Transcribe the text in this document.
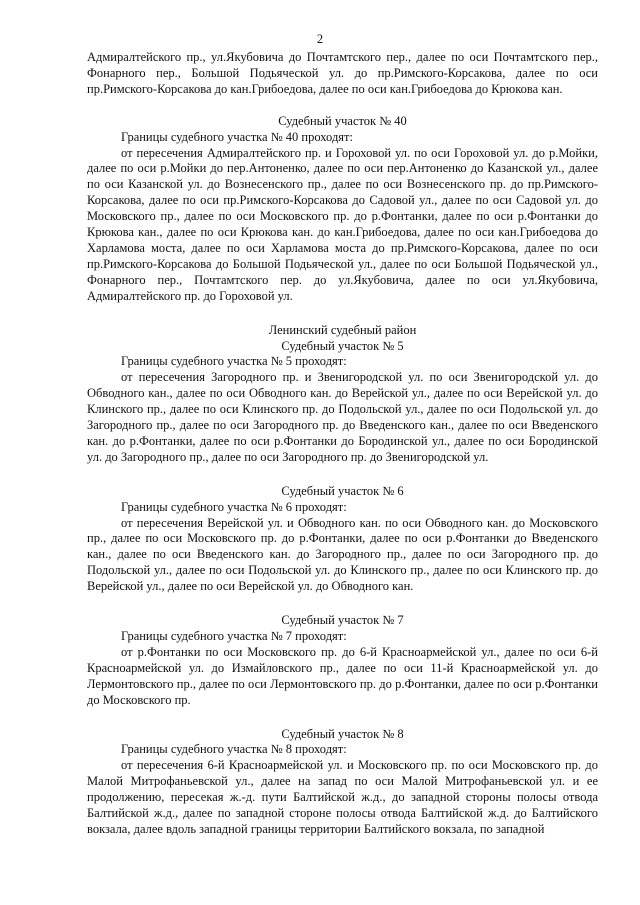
2

Адмиралтейского пр., ул.Якубовича до Почтамтского пер., далее по оси Почтамтского пер., Фонарного пер., Большой Подьяческой ул. до пр.Римского-Корсакова, далее по оси пр.Римского-Корсакова до кан.Грибоедова, далее по оси кан.Грибоедова до Крюкова кан.

Судебный участок № 40

Границы судебного участка № 40 проходят:

от пересечения Адмиралтейского пр. и Гороховой ул. по оси Гороховой ул. до р.Мойки, далее по оси р.Мойки до пер.Антоненко, далее по оси пер.Антоненко до Казанской ул., далее по оси Казанской ул. до Вознесенского пр., далее по оси Вознесенского пр. до пр.Римского-Корсакова, далее по оси пр.Римского-Корсакова до Садовой ул., далее по оси Садовой ул. до Московского пр., далее по оси Московского пр. до р.Фонтанки, далее по оси р.Фонтанки до Крюкова кан., далее по оси Крюкова кан. до кан.Грибоедова, далее по оси кан.Грибоедова до Харламова моста, далее по оси Харламова моста до пр.Римского-Корсакова, далее по оси пр.Римского-Корсакова до Большой Подьяческой ул., далее по оси Большой Подьяческой ул., Фонарного пер., Почтамтского пер. до ул.Якубовича, далее по оси ул.Якубовича, Адмиралтейского пр. до Гороховой ул.

Ленинский судебный район

Судебный участок № 5

Границы судебного участка № 5 проходят:

от пересечения Загородного пр. и Звенигородской ул. по оси Звенигородской ул. до Обводного кан., далее по оси Обводного кан. до Верейской ул., далее по оси Верейской ул. до Клинского пр., далее по оси Клинского пр. до Подольской ул., далее по оси Подольской ул. до Загородного пр., далее по оси Загородного пр. до Введенского кан., далее по оси Введенского кан. до р.Фонтанки, далее по оси р.Фонтанки до Бородинской ул., далее по оси Бородинской ул. до Загородного пр., далее по оси Загородного пр. до Звенигородской ул.

Судебный участок № 6

Границы судебного участка № 6 проходят:

от пересечения Верейской ул. и Обводного кан. по оси Обводного кан. до Московского пр., далее по оси Московского пр. до р.Фонтанки, далее по оси р.Фонтанки до Введенского кан., далее по оси Введенского кан. до Загородного пр., далее по оси Загородного пр. до Подольской ул., далее по оси Подольской ул. до Клинского пр., далее по оси Клинского пр. до Верейской ул., далее по оси Верейской ул. до Обводного кан.

Судебный участок № 7

Границы судебного участка № 7 проходят:

от р.Фонтанки по оси Московского пр. до 6-й Красноармейской ул., далее по оси 6-й Красноармейской ул. до Измайловского пр., далее по оси 11-й Красноармейской ул. до Лермонтовского пр., далее по оси Лермонтовского пр. до р.Фонтанки, далее по оси р.Фонтанки до Московского пр.

Судебный участок № 8

Границы судебного участка № 8 проходят:

от пересечения 6-й Красноармейской ул. и Московского пр. по оси Московского пр. до Малой Митрофаньевской ул., далее на запад по оси Малой Митрофаньевской ул. и ее продолжению, пересекая ж.-д. пути Балтийской ж.д., до западной стороны полосы отвода Балтийской ж.д., далее по западной стороне полосы отвода Балтийской ж.д. до Балтийского вокзала, далее вдоль западной границы территории Балтийского вокзала, по западной
